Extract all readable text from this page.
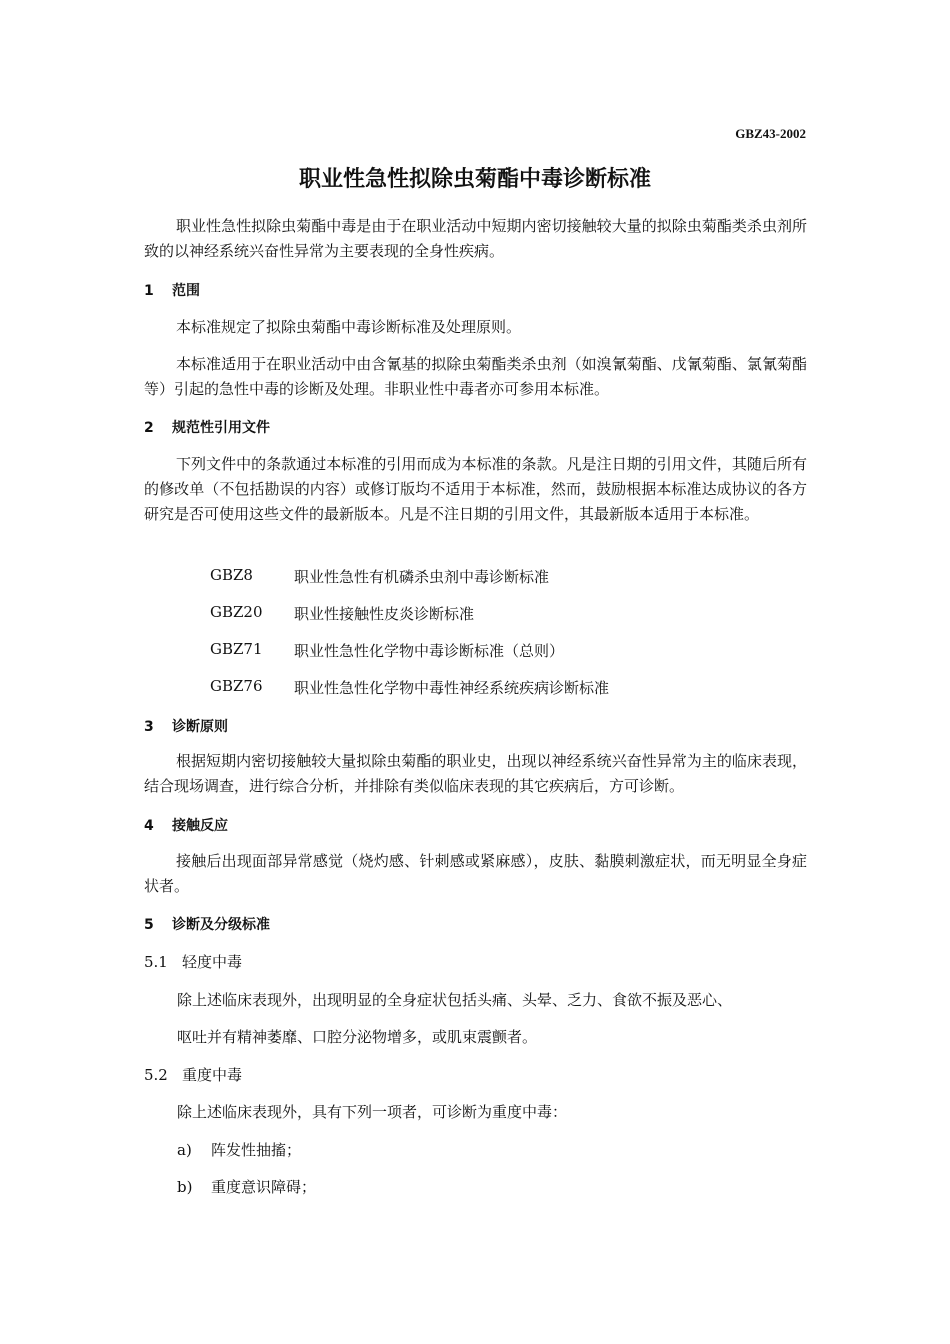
GBZ43-2002
职业性急性拟除虫菊酯中毒诊断标准
职业性急性拟除虫菊酯中毒是由于在职业活动中短期内密切接触较大量的拟除虫菊酯类杀虫剂所致的以神经系统兴奋性异常为主要表现的全身性疾病。
1 范围
本标准规定了拟除虫菊酯中毒诊断标准及处理原则。
本标准适用于在职业活动中由含氰基的拟除虫菊酯类杀虫剂（如溴氰菊酯、戊氰菊酯、氯氰菊酯等）引起的急性中毒的诊断及处理。非职业性中毒者亦可参用本标准。
2 规范性引用文件
下列文件中的条款通过本标准的引用而成为本标准的条款。凡是注日期的引用文件，其随后所有的修改单（不包括勘误的内容）或修订版均不适用于本标准，然而，鼓励根据本标准达成协议的各方研究是否可使用这些文件的最新版本。凡是不注日期的引用文件，其最新版本适用于本标准。
GBZ8	职业性急性有机磷杀虫剂中毒诊断标准
GBZ20 职业性接触性皮炎诊断标准
GBZ71 职业性急性化学物中毒诊断标准（总则）
GBZ76 职业性急性化学物中毒性神经系统疾病诊断标准
3 诊断原则
根据短期内密切接触较大量拟除虫菊酯的职业史，出现以神经系统兴奋性异常为主的临床表现，结合现场调查，进行综合分析，并排除有类似临床表现的其它疾病后，方可诊断。
4 接触反应
接触后出现面部异常感觉（烧灼感、针刺感或紧麻感），皮肤、黏膜刺激症状，而无明显全身症状者。
5 诊断及分级标准
5.1 轻度中毒
除上述临床表现外，出现明显的全身症状包括头痛、头晕、乏力、食欲不振及恶心、
呕吐并有精神萎靡、口腔分泌物增多，或肌束震颤者。
5.2 重度中毒
除上述临床表现外，具有下列一项者，可诊断为重度中毒：
a) 阵发性抽搐；
b) 重度意识障碍；
